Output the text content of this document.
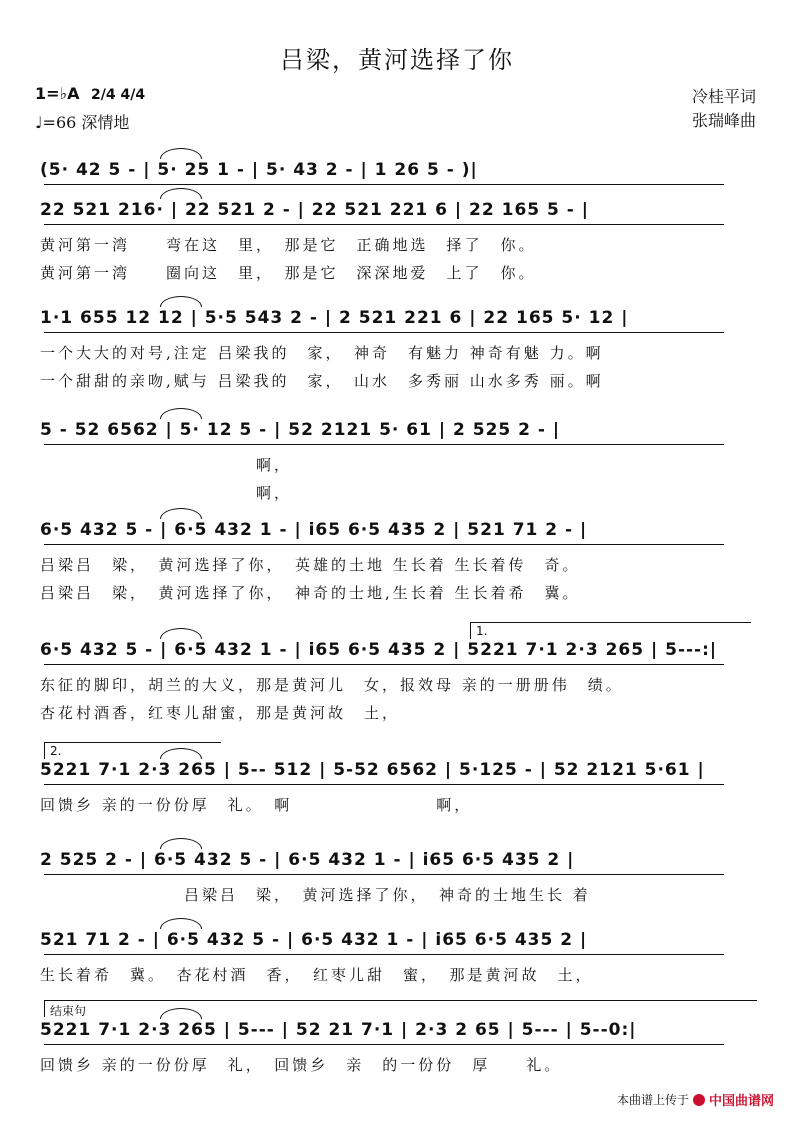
吕梁，黄河选择了你
1=♭A 2/4 4/4
♩=66 深情地
冷桂平词
张瑞峰曲
(5· 42 5 - | 5· 25 1 - | 5· 43 2 - | 1 26 5 - )|
22 521 216· | 22 521 2 - | 22 521 221 6 | 22 165 5 - |
黄河第一湾　　弯在这　里，　那是它　正确地选　择了　你。
黄河第一湾　　圈向这　里，　那是它　深深地爱　上了　你。
1·1 655 12 12 | 5·5 543 2 - | 2 521 221 6 | 22 165 5· 12 |
一个大大的对号,注定 吕梁我的　家，　神奇　有魅力 神奇有魅 力。啊
一个甜甜的亲吻,赋与 吕梁我的　家，　山水　多秀丽 山水多秀 丽。啊
5 - 52 6562 | 5· 12 5 - | 52 2121 5· 61 | 2 525 2 - |
　　　　　　　　　　　　啊，
　　　　　　　　　　　　啊，
6·5 432 5 - | 6·5 432 1 - | i65 6·5 435 2 | 521 71 2 - |
吕梁吕　梁，　黄河选择了你，　英雄的土地 生长着 生长着传　奇。
吕梁吕　梁，　黄河选择了你，　神奇的士地,生长着 生长着希　冀。
6·5 432 5 - | 6·5 432 1 - | i65 6·5 435 2 | 5221 7·1 2·3 265 | 5---:|
东征的脚印，胡兰的大义，那是黄河儿　女，报效母 亲的一册册伟　绩。
杏花村酒香，红枣儿甜蜜，那是黄河故　土，
5221 7·1 2·3 265 | 5-- 512 | 5-52 6562 | 5·125 - | 52 2121 5·61 |
回馈乡 亲的一份份厚　礼。　啊　　　　　　　　啊，
2 525 2 - | 6·5 432 5 - | 6·5 432 1 - | i65 6·5 435 2 |
　　　　　　　　吕梁吕　梁，　黄河选择了你，　神奇的士地生长 着
521 71 2 - | 6·5 432 5 - | 6·5 432 1 - | i65 6·5 435 2 |
生长着希　冀。　杏花村酒　香，　红枣儿甜　蜜，　那是黄河故　土，
5221 7·1 2·3 265 | 5--- | 52 21 7·1 | 2·3 2 65 | 5--- | 5--0:|
回馈乡 亲的一份份厚　礼，　回馈乡　亲　的一份份　厚　　礼。
1.
2.
结束句
本曲谱上传于 中国曲谱网
